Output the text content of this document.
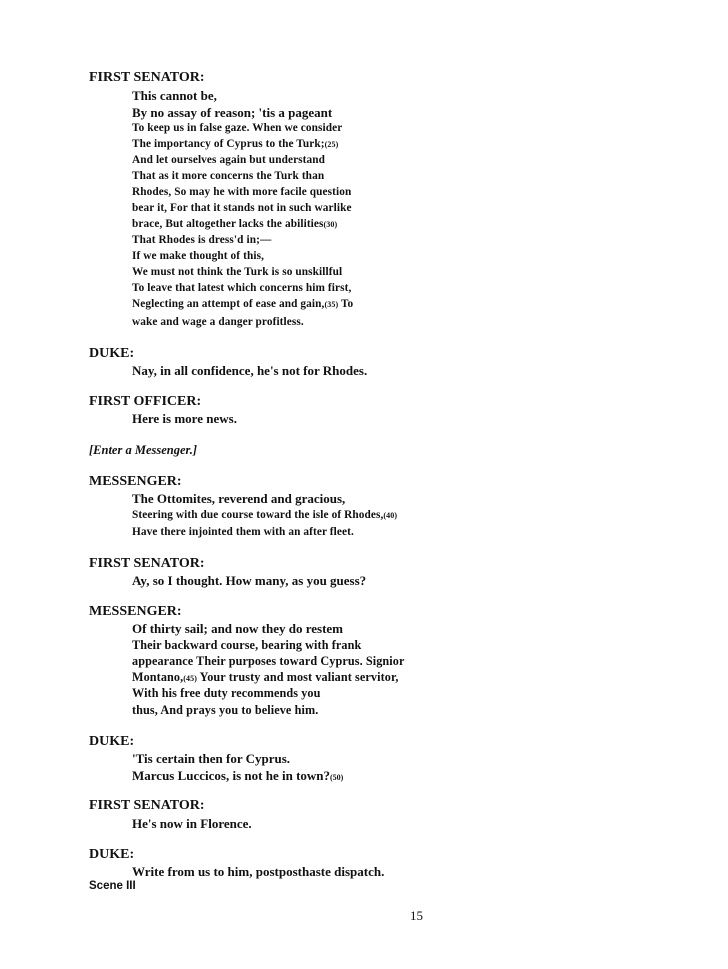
FIRST SENATOR:
This cannot be,
By no assay of reason; 'tis a pageant
To keep us in false gaze. When we consider
The importancy of Cyprus to the Turk;(25)
And let ourselves again but understand
That as it more concerns the Turk than
Rhodes, So may he with more facile question
bear it, For that it stands not in such warlike
brace, But altogether lacks the abilities(30)
That Rhodes is dress'd in;—
If we make thought of this,
We must not think the Turk is so unskillful
To leave that latest which concerns him first,
Neglecting an attempt of ease and gain,(35) To
wake and wage a danger profitless.
DUKE:
Nay, in all confidence, he's not for Rhodes.
FIRST OFFICER:
Here is more news.
[Enter a Messenger.]
MESSENGER:
The Ottomites, reverend and gracious,
Steering with due course toward the isle of Rhodes,(40)
Have there injointed them with an after fleet.
FIRST SENATOR:
Ay, so I thought. How many, as you guess?
MESSENGER:
Of thirty sail; and now they do restem
Their backward course, bearing with frank
appearance Their purposes toward Cyprus. Signior
Montano,(45) Your trusty and most valiant servitor,
With his free duty recommends you
thus, And prays you to believe him.
DUKE:
'Tis certain then for Cyprus.
Marcus Luccicos, is not he in town?(50)
FIRST SENATOR:
He's now in Florence.
DUKE:
Write from us to him, postposthaste dispatch.
Scene III
15
